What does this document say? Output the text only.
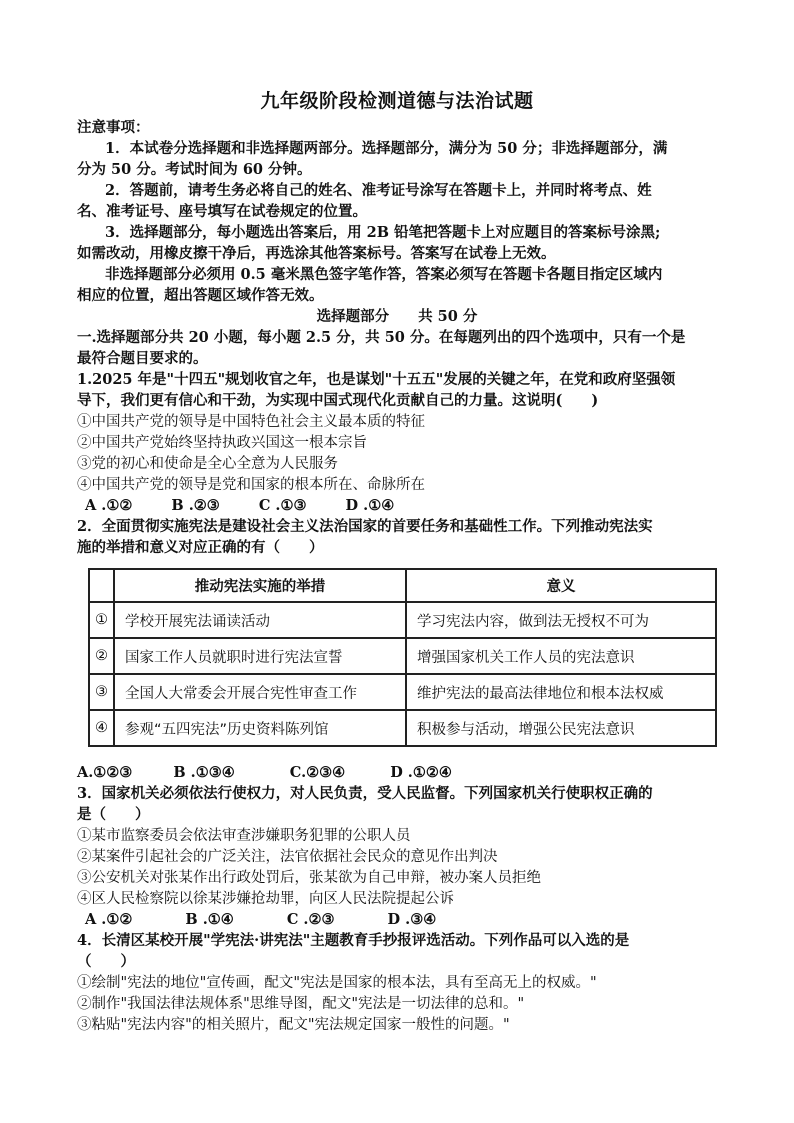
九年级阶段检测道德与法治试题
注意事项：
1．本试卷分选择题和非选择题两部分。选择题部分，满分为 50 分；非选择题部分，满
分为 50 分。考试时间为 60 分钟。
2．答题前，请考生务必将自己的姓名、准考证号涂写在答题卡上，并同时将考点、姓
名、准考证号、座号填写在试卷规定的位置。
3．选择题部分，每小题选出答案后，用 2B 铅笔把答题卡上对应题目的答案标号涂黑;
如需改动，用橡皮擦干净后，再选涂其他答案标号。答案写在试卷上无效。
非选择题部分必须用 0.5 毫米黑色签字笔作答，答案必须写在答题卡各题目指定区域内
相应的位置，超出答题区域作答无效。
选择题部分　　共 50 分
一.选择题部分共 20 小题，每小题 2.5 分，共 50 分。在每题列出的四个选项中，只有一个是
最符合题目要求的。
1.2025 年是"十四五"规划收官之年，也是谋划"十五五"发展的关键之年，在党和政府坚强领
导下，我们更有信心和干劲，为实现中国式现代化贡献自己的力量。这说明(　　)
①中国共产党的领导是中国特色社会主义最本质的特征
②中国共产党始终坚持执政兴国这一根本宗旨
③党的初心和使命是全心全意为人民服务
④中国共产党的领导是党和国家的根本所在、命脉所在
A .①②	B .②③	C .①③	D .①④
2．全面贯彻实施宪法是建设社会主义法治国家的首要任务和基础性工作。下列推动宪法实
施的举措和意义对应正确的有（　　）
	推动宪法实施的举措	意义
①	学校开展宪法诵读活动	学习宪法内容，做到法无授权不可为
②	国家工作人员就职时进行宪法宣誓	增强国家机关工作人员的宪法意识
③	全国人大常委会开展合宪性审查工作	维护宪法的最高法律地位和根本法权威
④	参观“五四宪法”历史资料陈列馆	积极参与活动，增强公民宪法意识
A.①②③	B .①③④	C.②③④	D .①②④
3．国家机关必须依法行使权力，对人民负责，受人民监督。下列国家机关行使职权正确的
是（　　）
①某市监察委员会依法审查涉嫌职务犯罪的公职人员
②某案件引起社会的广泛关注，法官依据社会民众的意见作出判决
③公安机关对张某作出行政处罚后，张某欲为自己申辩，被办案人员拒绝
④区人民检察院以徐某涉嫌抢劫罪，向区人民法院提起公诉
A .①②	B .①④	C .②③	D .③④
4．长清区某校开展"学宪法·讲宪法"主题教育手抄报评选活动。下列作品可以入选的是
（　　）
①绘制"宪法的地位"宣传画，配文"宪法是国家的根本法，具有至高无上的权威。"
②制作"我国法律法规体系"思维导图，配文"宪法是一切法律的总和。"
③粘贴"宪法内容"的相关照片，配文"宪法规定国家一般性的问题。"
